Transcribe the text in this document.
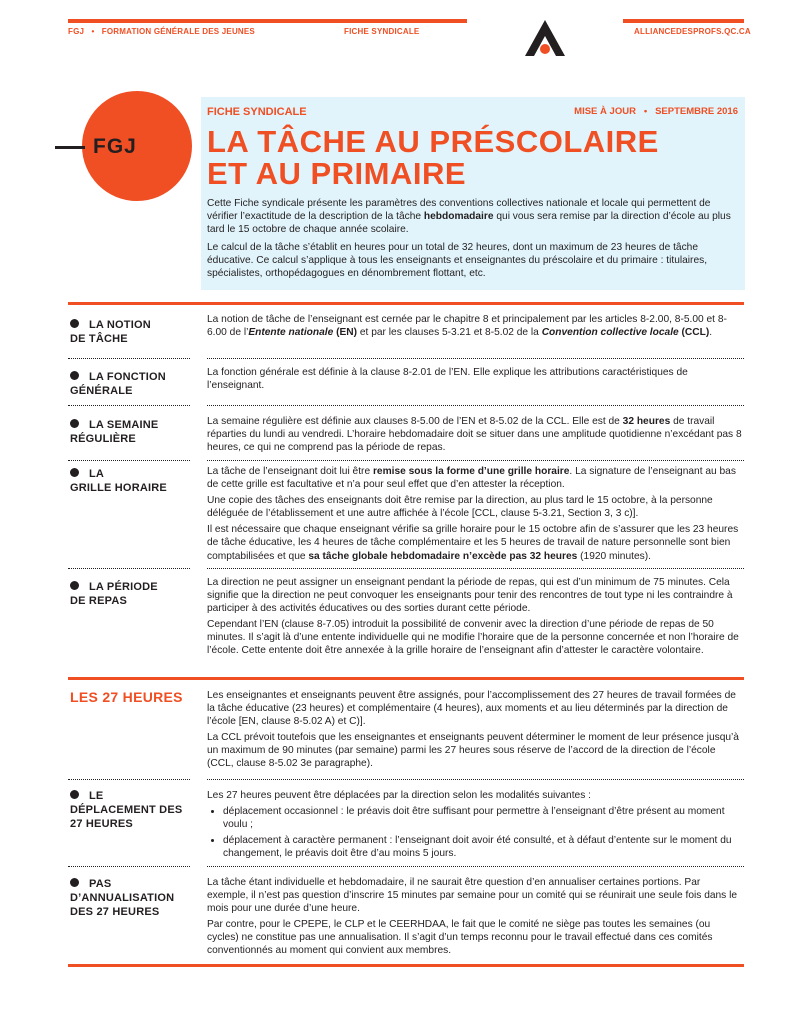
FGJ • FORMATION GÉNÉRALE DES JEUNES	FICHE SYNDICALE	ALLIANCEDESPROFS.QC.CA
FGJ
FICHE SYNDICALE	MISE À JOUR   •   SEPTEMBRE 2016
LA TÂCHE AU PRÉSCOLAIRE
ET AU PRIMAIRE

Cette Fiche syndicale présente les paramètres des conventions collectives nationale et locale qui permettent de vérifier l’exactitude de la description de la tâche hebdomadaire qui vous sera remise par la direction d’école au plus tard le 15 octobre de chaque année scolaire.

Le calcul de la tâche s’établit en heures pour un total de 32 heures, dont un maximum de 23 heures de tâche éducative. Ce calcul s’applique à tous les enseignants et enseignantes du préscolaire et du primaire : titulaires, spécialistes, orthopédagogues en dénombrement flottant, etc.

LA NOTION
DE TÂCHE

La notion de tâche de l’enseignant est cernée par le chapitre 8 et principalement par les articles 8-2.00, 8-5.00 et 8-6.00 de l’Entente nationale (EN) et par les clauses 5-3.21 et 8-5.02 de la Convention collective locale (CCL).

LA FONCTION
GÉNÉRALE
La fonction générale est définie à la clause 8-2.01 de l’EN. Elle explique les attributions caractéristiques de l’enseignant.
LA SEMAINE
RÉGULIÈRE

La semaine régulière est définie aux clauses 8-5.00 de l’EN et 8-5.02 de la CCL. Elle est de 32 heures de travail réparties du lundi au vendredi. L’horaire hebdomadaire doit se situer dans une amplitude quotidienne n’excédant pas 8 heures, ce qui ne comprend pas la période de repas.

LA
GRILLE HORAIRE

La tâche de l’enseignant doit lui être remise sous la forme d’une grille horaire. La signature de l’enseignant au bas de cette grille est facultative et n’a pour seul effet que d’en attester la réception.

Une copie des tâches des enseignants doit être remise par la direction, au plus tard le 15 octobre, à la personne déléguée de l’établissement et une autre affichée à l’école [CCL, clause 5-3.21, Section 3, 3 c)].

Il est nécessaire que chaque enseignant vérifie sa grille horaire pour le 15 octobre afin de s’assurer que les 23 heures de tâche éducative, les 4 heures de tâche complémentaire et les 5 heures de travail de nature personnelle sont bien comptabilisées et que sa tâche globale hebdomadaire n’excède pas 32 heures (1920 minutes).

LA PÉRIODE
DE REPAS

La direction ne peut assigner un enseignant pendant la période de repas, qui est d’un minimum de 75 minutes. Cela signifie que la direction ne peut convoquer les enseignants pour tenir des rencontres de tout type ni les contraindre à participer à des activités éducatives ou des sorties durant cette période.

Cependant l’EN (clause 8-7.05) introduit la possibilité de convenir avec la direction d’une période de repas de 50 minutes. Il s’agit là d’une entente individuelle qui ne modifie l’horaire que de la personne concernée et non l’horaire de l’école. Cette entente doit être annexée à la grille horaire de l’enseignant afin d’attester le caractère volontaire.

LES 27 HEURES Les enseignantes et enseignants peuvent être assignés, pour l’accomplissement des 27 heures de travail formées de la tâche éducative (23 heures) et complémentaire (4 heures), aux moments et au lieu déterminés par la direction de l’école [EN, clause 8-5.02 A) et C)].

La CCL prévoit toutefois que les enseignantes et enseignants peuvent déterminer le moment de leur présence jusqu’à un maximum de 90 minutes (par semaine) parmi les 27 heures sous réserve de l’accord de la direction de l’école (CCL, clause 8-5.02 3e paragraphe).

LE
DÉPLACEMENT DES
27 HEURES

Les 27 heures peuvent être déplacées par la direction selon les modalités suivantes :

• déplacement occasionnel : le préavis doit être suffisant pour permettre à l’enseignant d’être présent au moment voulu ;
• déplacement à caractère permanent : l’enseignant doit avoir été consulté, et à défaut d’entente sur le moment du changement, le préavis doit être d’au moins 5 jours.
PAS
D’ANNUALISATION
DES 27 HEURES

La tâche étant individuelle et hebdomadaire, il ne saurait être question d’en annualiser certaines portions. Par exemple, il n’est pas question d’inscrire 15 minutes par semaine pour un comité qui se réunirait une seule fois dans le mois pour une durée d’une heure.

Par contre, pour le CPEPE, le CLP et le CEERHDAA, le fait que le comité ne siège pas toutes les semaines (ou cycles) ne constitue pas une annualisation. Il s’agit d’un temps reconnu pour le travail effectué dans ces comités conventionnés au moment qui convient aux membres.
